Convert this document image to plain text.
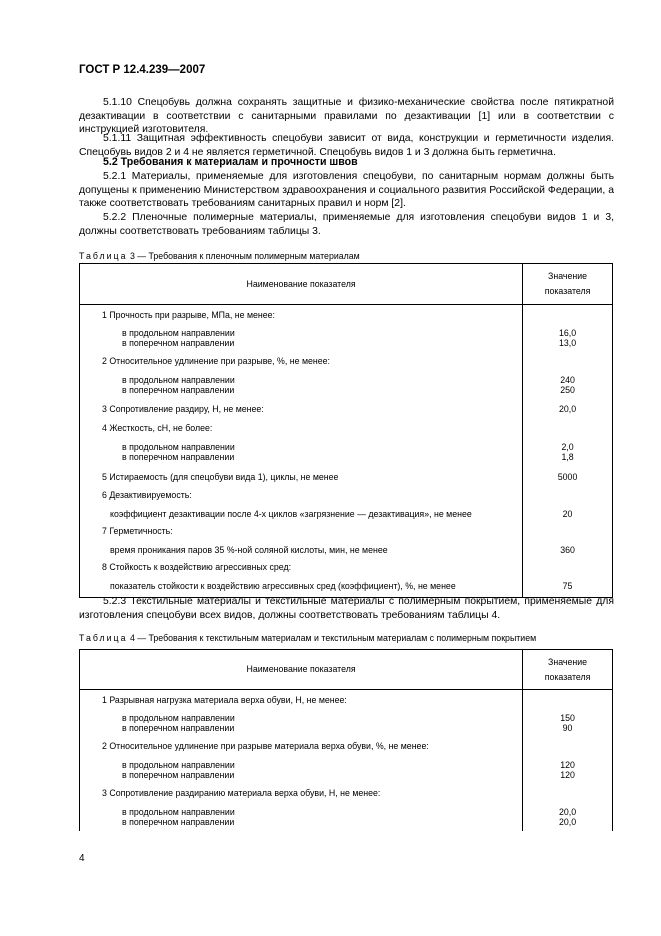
ГОСТ Р 12.4.239—2007
5.1.10 Спецобувь должна сохранять защитные и физико-механические свойства после пятикратной дезактивации в соответствии с санитарными правилами по дезактивации [1] или в соответствии с инструкцией изготовителя.
5.1.11 Защитная эффективность спецобуви зависит от вида, конструкции и герметичности изделия. Спецобувь видов 2 и 4 не является герметичной. Спецобувь видов 1 и 3 должна быть герметична.
5.2 Требования к материалам и прочности швов
5.2.1 Материалы, применяемые для изготовления спецобуви, по санитарным нормам должны быть допущены к применению Министерством здравоохранения и социального развития Российской Федерации, а также соответствовать требованиям санитарных правил и норм [2].
5.2.2 Пленочные полимерные материалы, применяемые для изготовления спецобуви видов 1 и 3, должны соответствовать требованиям таблицы 3.
Таблица 3 — Требования к пленочным полимерным материалам
Наименование показателя	Значение
показателя

1 Прочность при разрыве, МПа, не менее:	

в продольном направлении	16,0

в поперечном направлении	13,0

2 Относительное удлинение при разрыве, %, не менее:	

в продольном направлении	240

в поперечном направлении	250

3 Сопротивление раздиру, Н, не менее:	20,0

4 Жесткость, сН, не более:	

в продольном направлении	2,0

в поперечном направлении	1,8

5 Истираемость (для спецобуви вида 1), циклы, не менее	5000

6 Дезактивируемость:	

коэффициент дезактивации после 4-х циклов «загрязнение — дезактивация», не менее	20

7 Герметичность:	

время проникания паров 35 %-ной соляной кислоты, мин, не менее	360

8 Стойкость к воздействию агрессивных сред:	

показатель стойкости к воздействию агрессивных сред (коэффициент), %, не менее	75
5.2.3 Текстильные материалы и текстильные материалы с полимерным покрытием, применяемые для изготовления спецобуви всех видов, должны соответствовать требованиям таблицы 4.
Таблица 4 — Требования к текстильным материалам и текстильным материалам с полимерным покрытием
Наименование показателя	Значение
показателя

1 Разрывная нагрузка материала верха обуви, Н, не менее:	

в продольном направлении	150

в поперечном направлении	90

2 Относительное удлинение при разрыве материала верха обуви, %, не менее:	

в продольном направлении	120

в поперечном направлении	120

3 Сопротивление раздиранию материала верха обуви, Н, не менее:	

в продольном направлении	20,0

в поперечном направлении	20,0
4
